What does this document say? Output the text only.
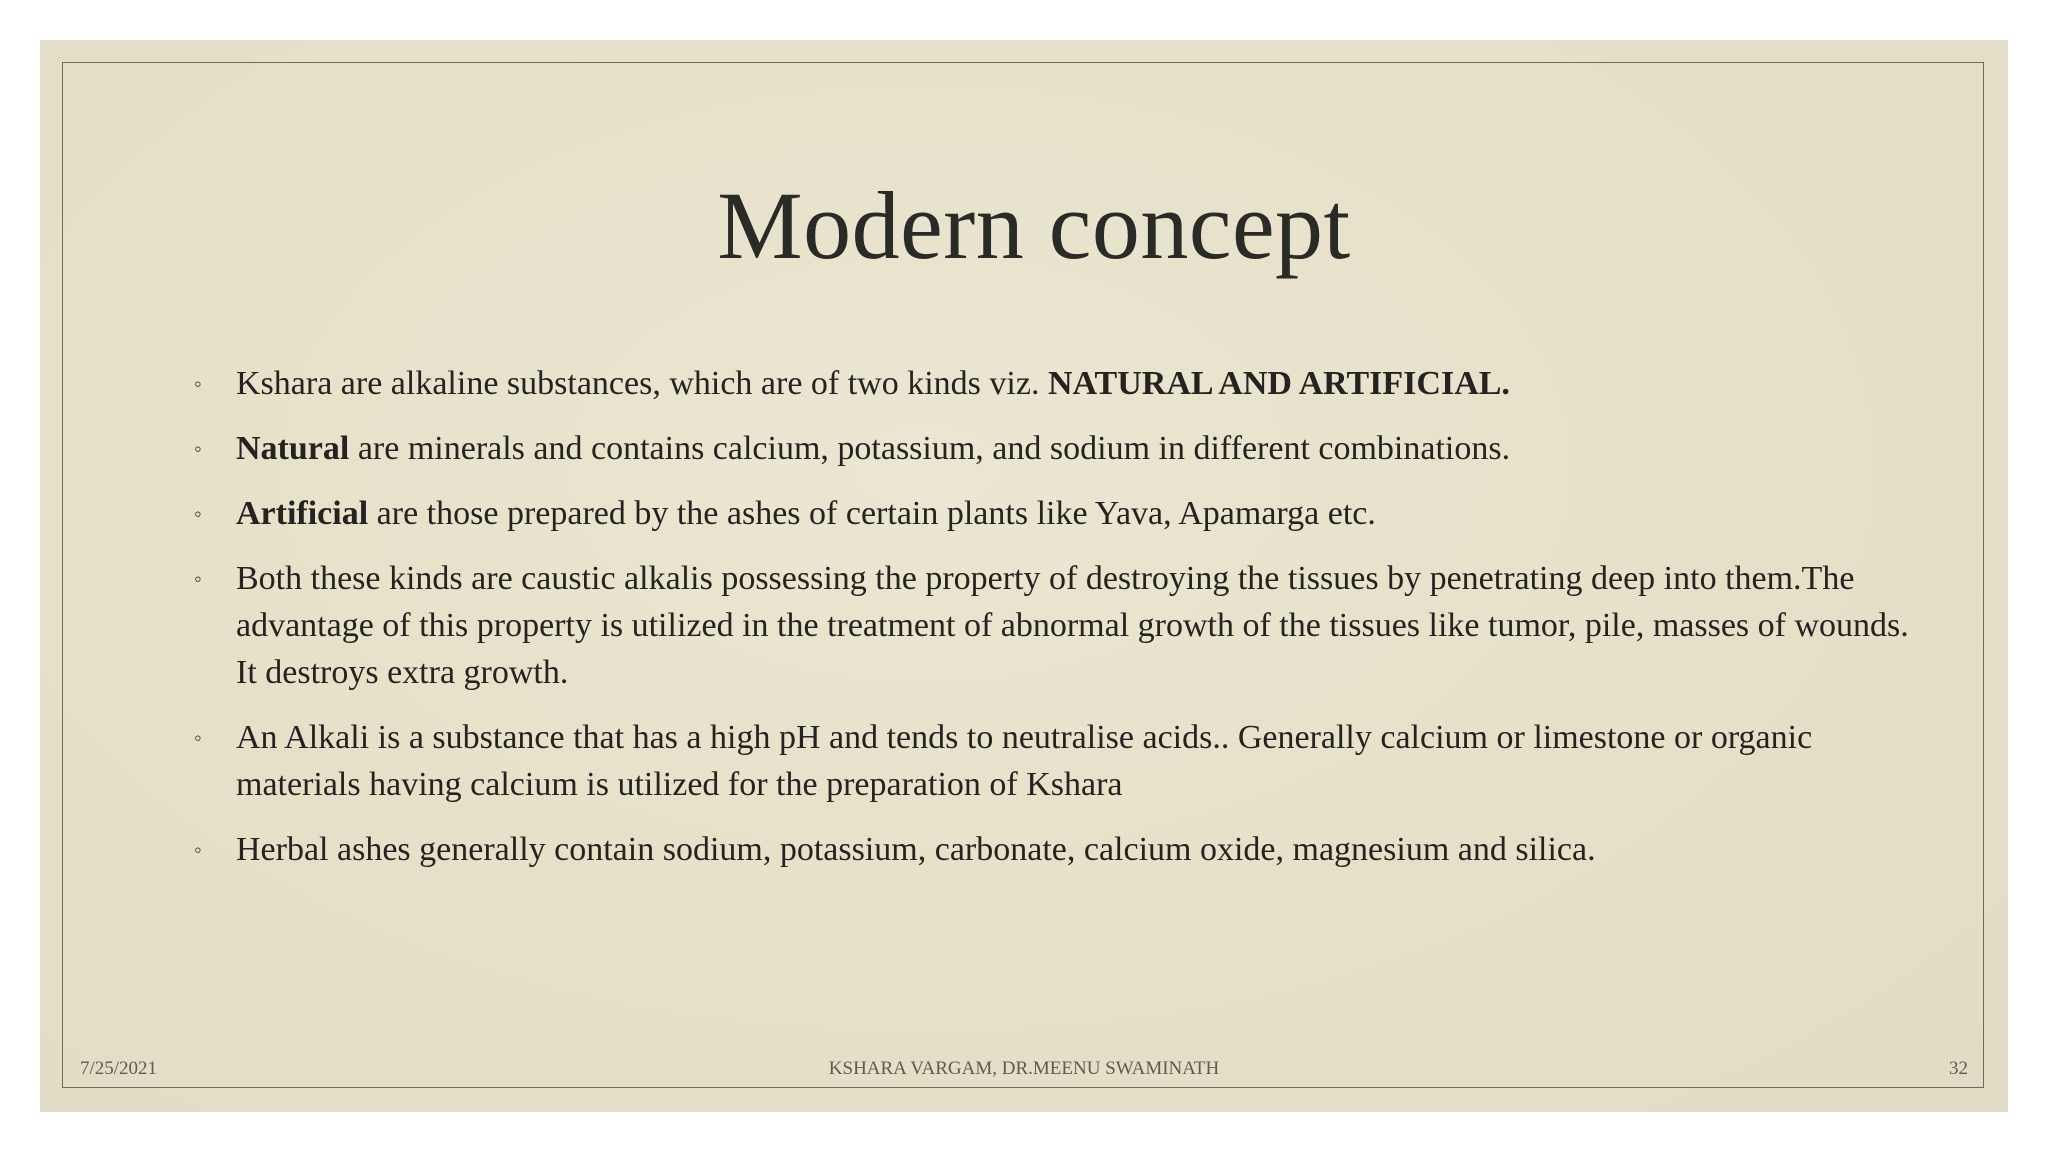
Modern concept
◦ Kshara are alkaline substances, which are of two kinds viz. NATURAL AND ARTIFICIAL.
◦ Natural are minerals and contains calcium, potassium, and sodium in different combinations.
◦ Artificial are those prepared by the ashes of certain plants like Yava, Apamarga etc.
◦ Both these kinds are caustic alkalis possessing the property of destroying the tissues by penetrating deep into them.The advantage of this property is utilized in the treatment of abnormal growth of the tissues like tumor, pile, masses of wounds. It destroys extra growth.
◦ An Alkali is a substance that has a high pH and tends to neutralise acids.. Generally calcium or limestone or organic materials having calcium is utilized for the preparation of Kshara
◦ Herbal ashes generally contain sodium, potassium, carbonate, calcium oxide, magnesium and silica.
7/25/2021	KSHARA VARGAM, DR.MEENU SWAMINATH	32
